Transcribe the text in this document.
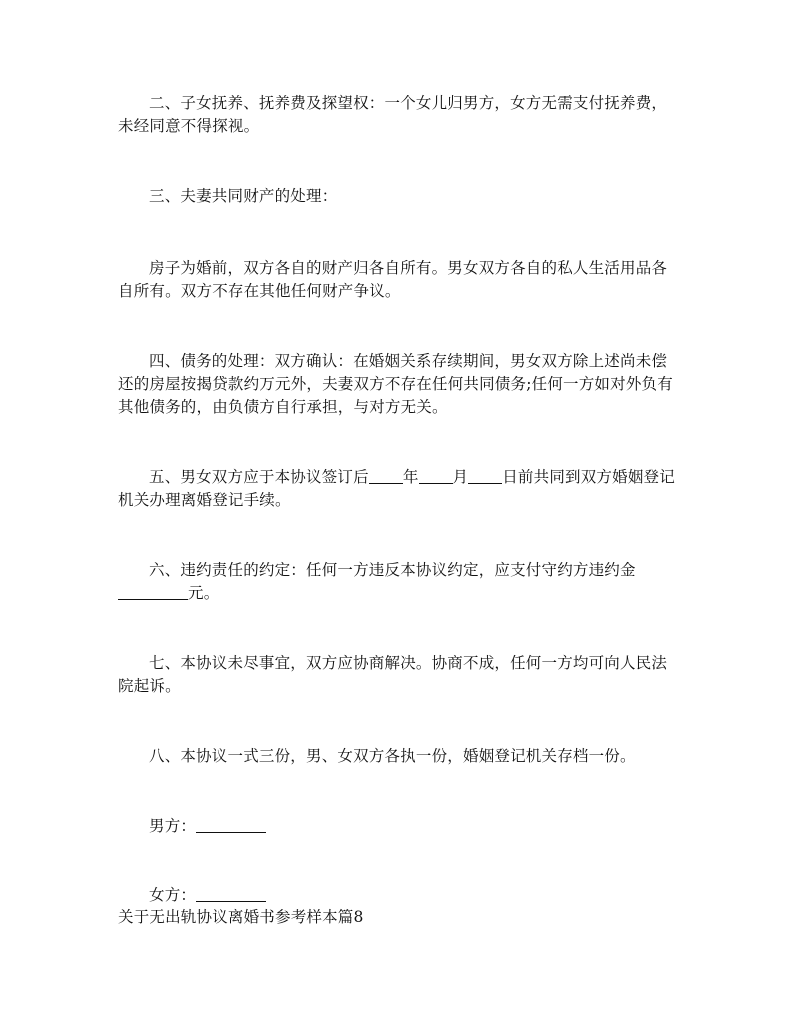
二、子女抚养、抚养费及探望权：一个女儿归男方，女方无需支付抚养费，未经同意不得探视。
三、夫妻共同财产的处理：
房子为婚前，双方各自的财产归各自所有。男女双方各自的私人生活用品各自所有。双方不存在其他任何财产争议。
四、债务的处理：双方确认：在婚姻关系存续期间，男女双方除上述尚未偿还的房屋按揭贷款约万元外，夫妻双方不存在任何共同债务;任何一方如对外负有其他债务的，由负债方自行承担，与对方无关。
五、男女双方应于本协议签订后 年 月 日前共同到双方婚姻登记机关办理离婚登记手续。
六、违约责任的约定：任何一方违反本协议约定，应支付守约方违约金
元。
七、本协议未尽事宜，双方应协商解决。协商不成，任何一方均可向人民法院起诉。
八、本协议一式三份，男、女双方各执一份，婚姻登记机关存档一份。
男方：
女方：
关于无出轨协议离婚书参考样本篇8
